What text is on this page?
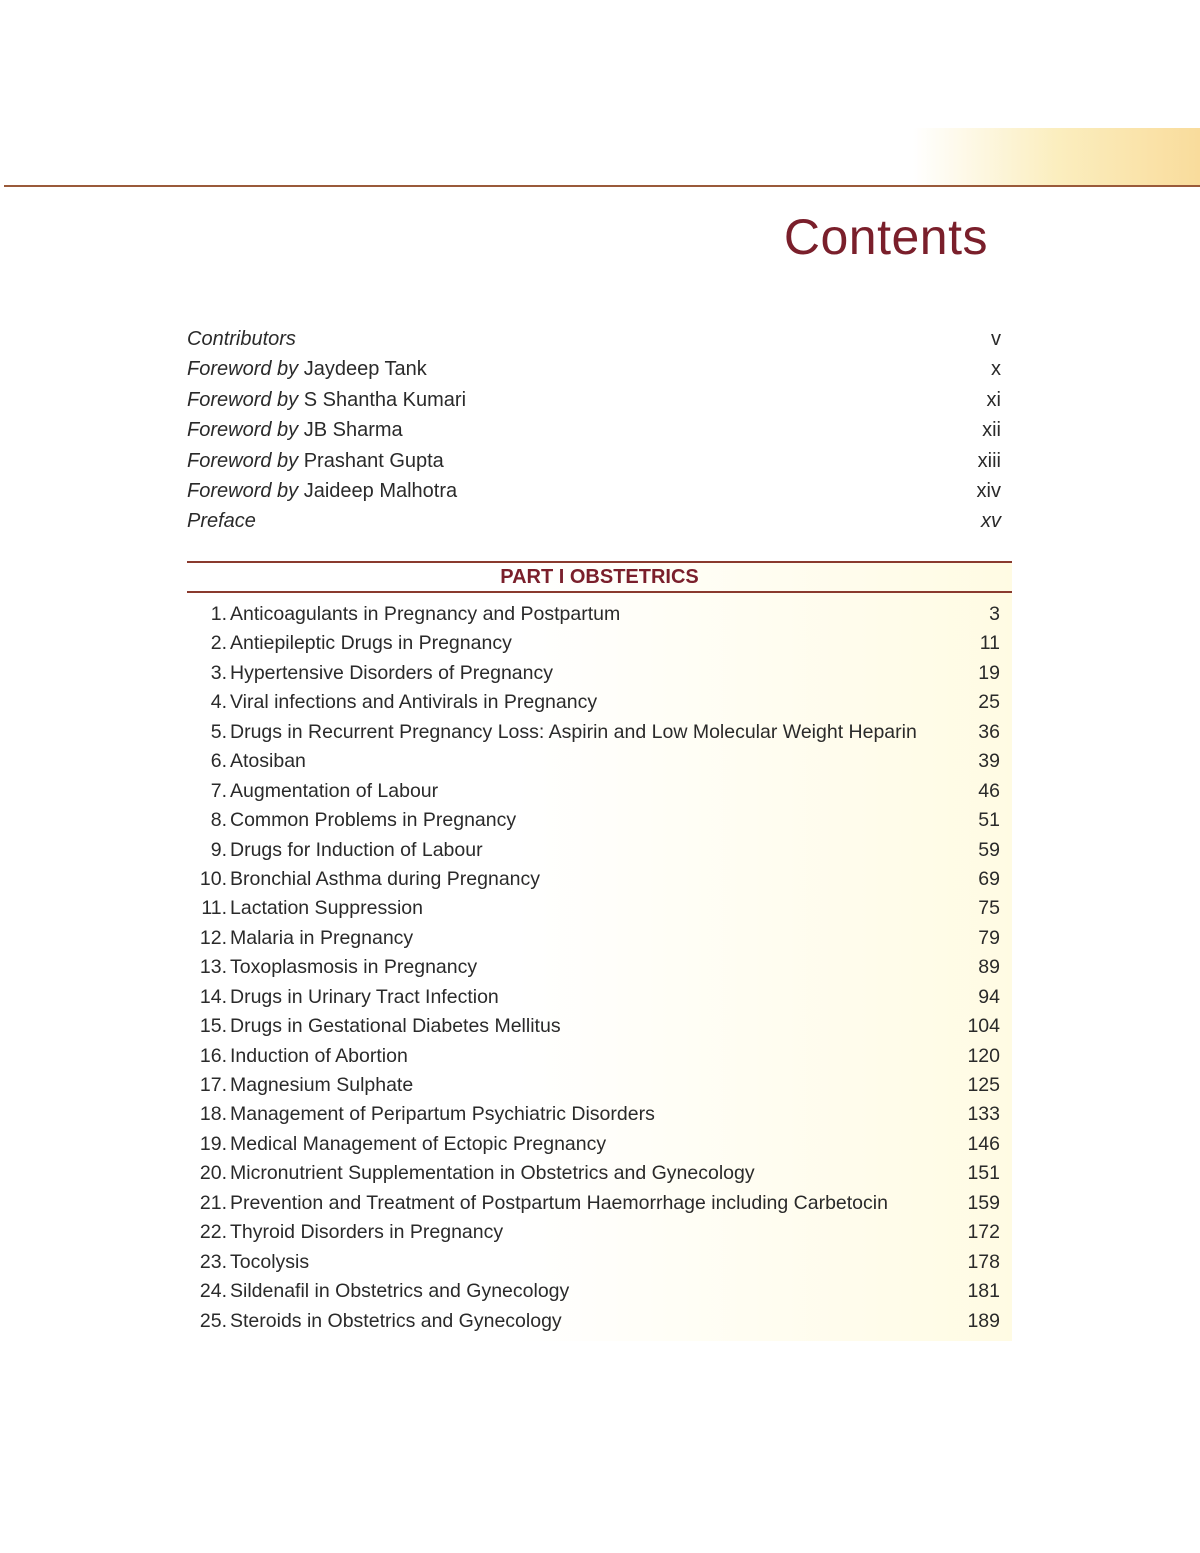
Contents
Contributors	v
Foreword by Jaydeep Tank	x
Foreword by S Shantha Kumari	xi
Foreword by JB Sharma	xii
Foreword by Prashant Gupta	xiii
Foreword by Jaideep Malhotra	xiv
Preface	xv
PART I OBSTETRICS
1. Anticoagulants in Pregnancy and Postpartum	3
2. Antiepileptic Drugs in Pregnancy	11
3. Hypertensive Disorders of Pregnancy	19
4. Viral infections and Antivirals in Pregnancy	25
5. Drugs in Recurrent Pregnancy Loss: Aspirin and Low Molecular Weight Heparin	36
6. Atosiban	39
7. Augmentation of Labour	46
8. Common Problems in Pregnancy	51
9. Drugs for Induction of Labour	59
10. Bronchial Asthma during Pregnancy	69
11. Lactation Suppression	75
12. Malaria in Pregnancy	79
13. Toxoplasmosis in Pregnancy	89
14. Drugs in Urinary Tract Infection	94
15. Drugs in Gestational Diabetes Mellitus	104
16. Induction of Abortion	120
17. Magnesium Sulphate	125
18. Management of Peripartum Psychiatric Disorders	133
19. Medical Management of Ectopic Pregnancy	146
20. Micronutrient Supplementation in Obstetrics and Gynecology	151
21. Prevention and Treatment of Postpartum Haemorrhage including Carbetocin	159
22. Thyroid Disorders in Pregnancy	172
23. Tocolysis	178
24. Sildenafil in Obstetrics and Gynecology	181
25. Steroids in Obstetrics and Gynecology	189
